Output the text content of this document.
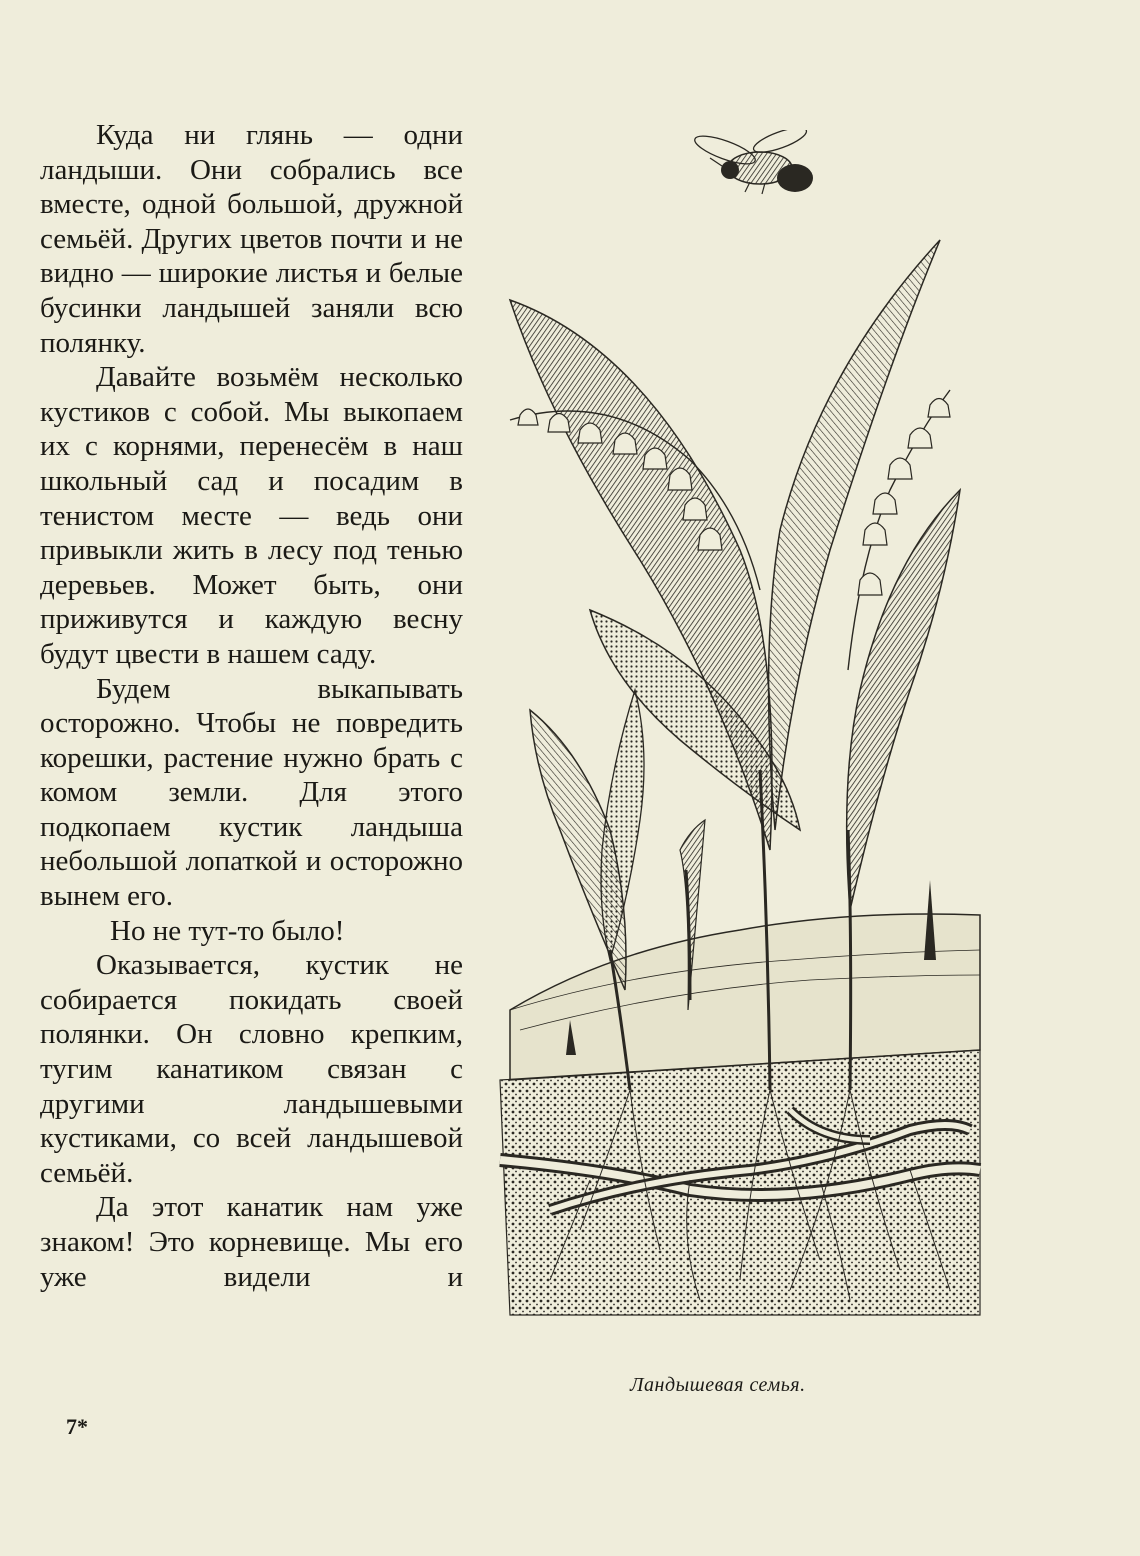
Куда ни глянь — одни ландыши. Они собрались все вместе, одной большой, дружной семьёй. Других цветов почти и не видно — широкие листья и белые бусинки ландышей заняли всю полянку.

Давайте возьмём несколько кустиков с собой. Мы выкопаем их с корнями, перенесём в наш школьный сад и посадим в тенистом месте — ведь они привыкли жить в лесу под тенью деревьев. Может быть, они приживутся и каждую весну будут цвести в нашем саду.

Будем выкапывать осторожно. Чтобы не повредить корешки, растение нужно брать с комом земли. Для этого подкопаем кустик ландыша небольшой лопаткой и осторожно вынем его.

Но не тут-то было!

Оказывается, кустик не собирается покидать своей полянки. Он словно крепким, тугим канатиком связан с другими ландышевыми кустиками, со всей ландышевой семьёй.

Да этот канатик нам уже знаком! Это корневище. Мы его уже видели и

7*
Ландышевая семья.
